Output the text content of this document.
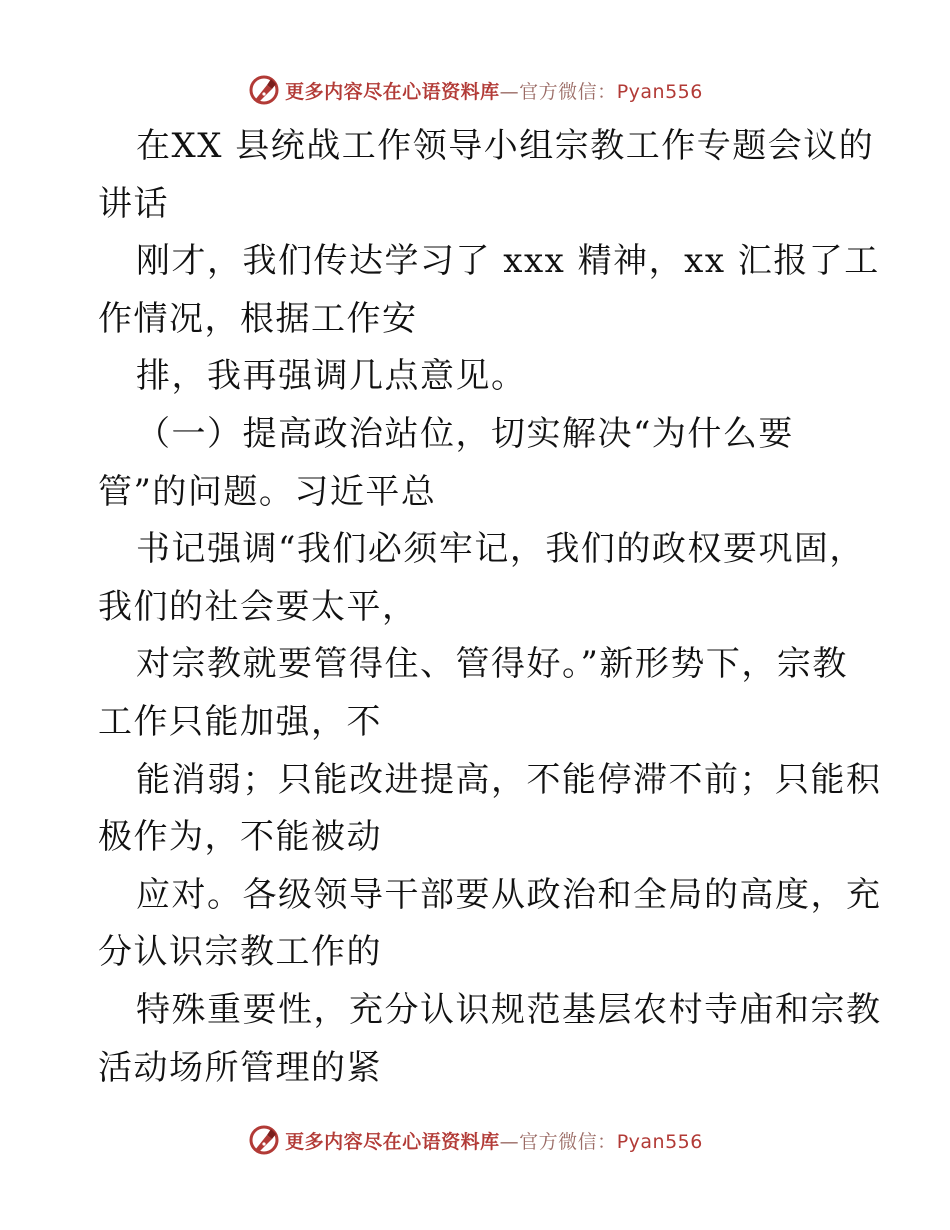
更多内容尽在心语资料库—官方微信：Pyan556
在XX 县统战工作领导小组宗教工作专题会议的
讲话
刚才，我们传达学习了 xxx 精神，xx 汇报了工
作情况，根据工作安
排，我再强调几点意见。
（一）提高政治站位，切实解决“为什么要
管”的问题。习近平总
书记强调“我们必须牢记，我们的政权要巩固，
我们的社会要太平，
对宗教就要管得住、管得好。”新形势下，宗教
工作只能加强，不
能消弱；只能改进提高，不能停滞不前；只能积
极作为，不能被动
应对。各级领导干部要从政治和全局的高度，充
分认识宗教工作的
特殊重要性，充分认识规范基层农村寺庙和宗教
活动场所管理的紧
更多内容尽在心语资料库—官方微信：Pyan556
